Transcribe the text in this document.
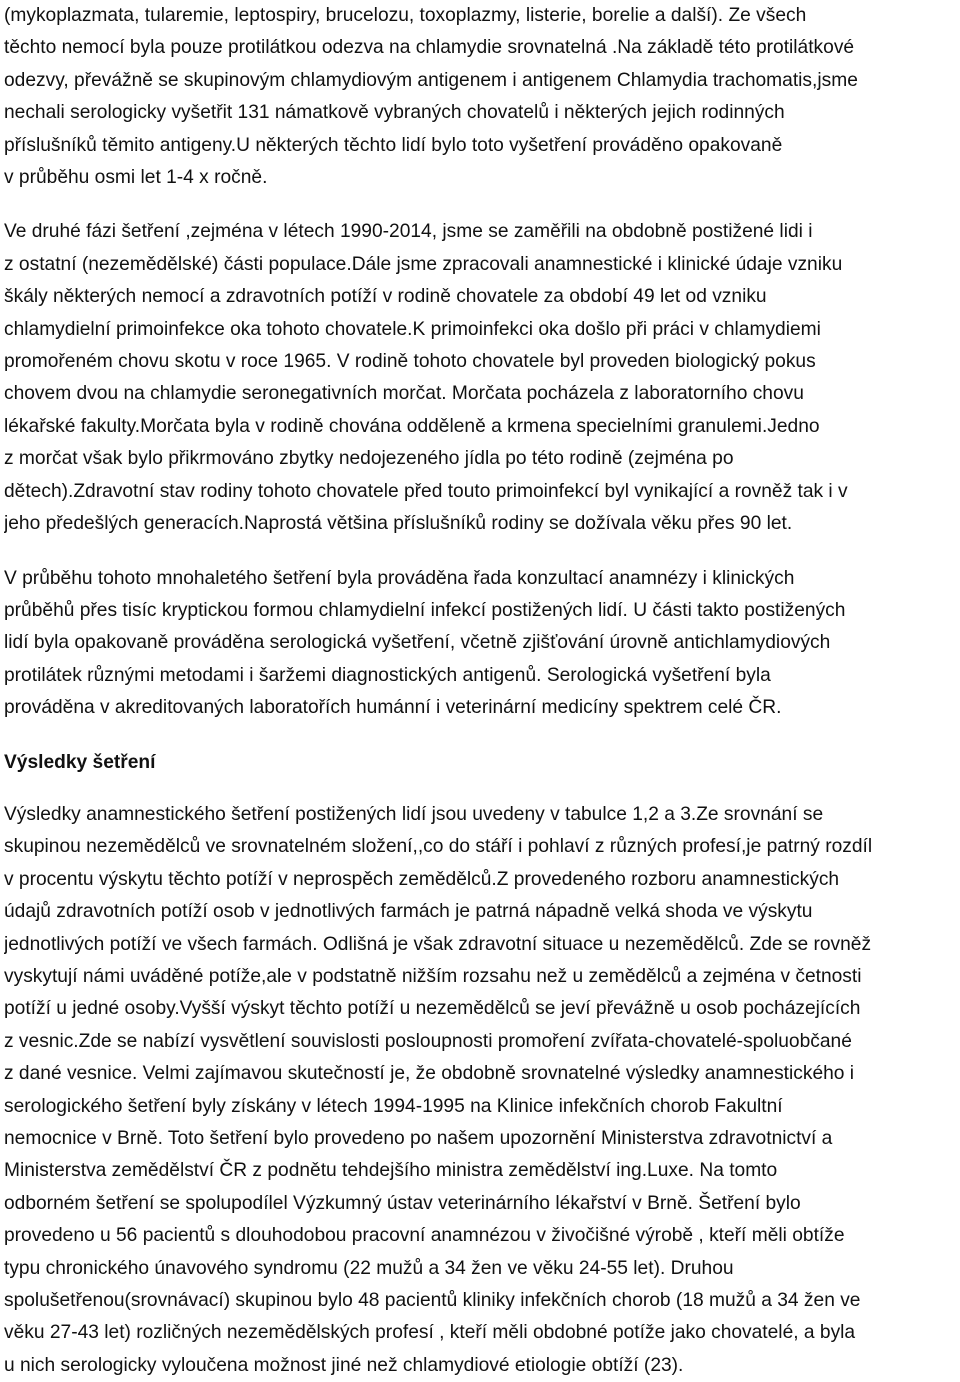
(mykoplazmata, tularemie, leptospiry, brucelozu, toxoplazmy, listerie, borelie a další). Ze všech
těchto nemocí byla pouze protilátkou odezva na chlamydie srovnatelná .Na základě této protilátkové
odezvy, převážně se skupinovým chlamydiovým antigenem i antigenem Chlamydia trachomatis,jsme
nechali serologicky vyšetřit 131 námatkově vybraných chovatelů i některých jejich rodinných
příslušníků těmito antigeny.U některých těchto lidí bylo toto vyšetření prováděno opakovaně
v průběhu osmi let 1-4 x ročně.
Ve druhé fázi šetření ,zejména v létech 1990-2014, jsme se zaměřili na obdobně postižené lidi i
z ostatní (nezemědělské) části populace.Dále jsme zpracovali anamnestické i klinické údaje vzniku
škály některých nemocí a zdravotních potíží v rodině chovatele za období 49 let od vzniku
chlamydielní primoinfekce oka tohoto chovatele.K primoinfekci oka došlo při práci v chlamydiemi
promořeném chovu skotu v roce 1965. V rodině tohoto chovatele byl proveden biologický pokus
chovem dvou na chlamydie seronegativních morčat. Morčata pocházela z laboratorního chovu
lékařské fakulty.Morčata byla v rodině chována odděleně a krmena specielními granulemi.Jedno
z morčat však bylo přikrmováno zbytky nedojezeného jídla po této rodině (zejména po
dětech).Zdravotní stav rodiny tohoto chovatele před touto primoinfekcí byl vynikající a rovněž tak i v
jeho předešlých generacích.Naprostá většina příslušníků rodiny se dožívala věku přes 90 let.
V průběhu tohoto mnohaletého šetření byla prováděna řada konzultací anamnézy i klinických
průběhů přes tisíc kryptickou formou chlamydielní infekcí postižených lidí. U části takto postižených
lidí byla opakovaně prováděna serologická vyšetření, včetně zjišťování úrovně antichlamydiových
protilátek různými metodami i šaržemi diagnostických antigenů. Serologická vyšetření byla
prováděna v akreditovaných laboratořích humánní i veterinární medicíny spektrem celé ČR.
Výsledky šetření
Výsledky anamnestického šetření postižených lidí jsou uvedeny v tabulce 1,2 a 3.Ze srovnání se
skupinou nezemědělců ve srovnatelném složení,,co do stáří i pohlaví z různých profesí,je patrný rozdíl
v procentu výskytu těchto potíží v neprospěch zemědělců.Z provedeného rozboru anamnestických
údajů zdravotních potíží osob v jednotlivých farmách je patrná nápadně velká shoda ve výskytu
jednotlivých potíží ve všech farmách. Odlišná je však zdravotní situace u nezemědělců. Zde se rovněž
vyskytují námi uváděné potíže,ale v podstatně nižším rozsahu než u zemědělců a zejména v četnosti
potíží u jedné osoby.Vyšší výskyt těchto potíží u nezemědělců se jeví převážně u osob pocházejících
z vesnic.Zde se nabízí vysvětlení souvislosti posloupnosti promoření zvířata-chovatelé-spoluobčané
z dané vesnice. Velmi zajímavou skutečností je, že obdobně srovnatelné výsledky anamnestického i
serologického šetření byly získány v létech 1994-1995 na Klinice infekčních chorob Fakultní
nemocnice v Brně. Toto šetření bylo provedeno po našem upozornění Ministerstva zdravotnictví a
Ministerstva zemědělství ČR z podnětu tehdejšího ministra zemědělství ing.Luxe. Na tomto
odborném šetření se spolupodílel Výzkumný ústav veterinárního lékařství v Brně. Šetření bylo
provedeno u 56 pacientů s dlouhodobou pracovní anamnézou v živočišné výrobě , kteří měli obtíže
typu chronického únavového syndromu (22 mužů a 34 žen ve věku 24-55 let). Druhou
spolušetřenou(srovnávací) skupinou bylo 48 pacientů kliniky infekčních chorob (18 mužů a 34 žen ve
věku 27-43 let) rozličných nezemědělských profesí , kteří měli obdobné potíže jako chovatelé, a byla
u nich serologicky vyloučena možnost jiné než chlamydiové etiologie obtíží (23).
